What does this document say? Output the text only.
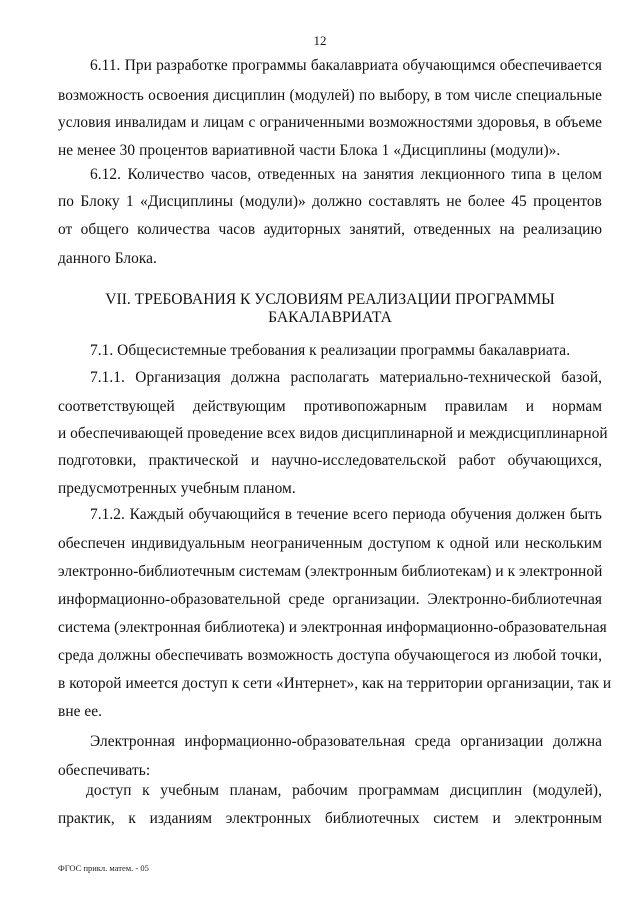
12
6.11. При разработке программы бакалавриата обучающимся обеспечивается
возможность освоения дисциплин (модулей) по выбору, в том числе специальные
условия инвалидам и лицам с ограниченными возможностями здоровья, в объеме
не менее 30 процентов вариативной части Блока 1 «Дисциплины (модули)».
6.12. Количество часов, отведенных на занятия лекционного типа в целом
по Блоку 1 «Дисциплины (модули)» должно составлять не более 45 процентов
от общего количества часов аудиторных занятий, отведенных на реализацию
данного Блока.
VII. ТРЕБОВАНИЯ К УСЛОВИЯМ РЕАЛИЗАЦИИ ПРОГРАММЫ
БАКАЛАВРИАТА
7.1. Общесистемные требования к реализации программы бакалавриата.
7.1.1. Организация должна располагать материально-технической базой,
соответствующей действующим противопожарным правилам и нормам
и обеспечивающей проведение всех видов дисциплинарной и междисциплинарной
подготовки, практической и научно-исследовательской работ обучающихся,
предусмотренных учебным планом.
7.1.2. Каждый обучающийся в течение всего периода обучения должен быть
обеспечен индивидуальным неограниченным доступом к одной или нескольким
электронно-библиотечным системам (электронным библиотекам) и к электронной
информационно-образовательной среде организации. Электронно-библиотечная
система (электронная библиотека) и электронная информационно-образовательная
среда должны обеспечивать возможность доступа обучающегося из любой точки,
в которой имеется доступ к сети «Интернет», как на территории организации, так и
вне ее.
Электронная информационно-образовательная среда организации должна
обеспечивать:
доступ к учебным планам, рабочим программам дисциплин (модулей),
практик, к изданиям электронных библиотечных систем и электронным
ФГОС прикл. матем. - 05
